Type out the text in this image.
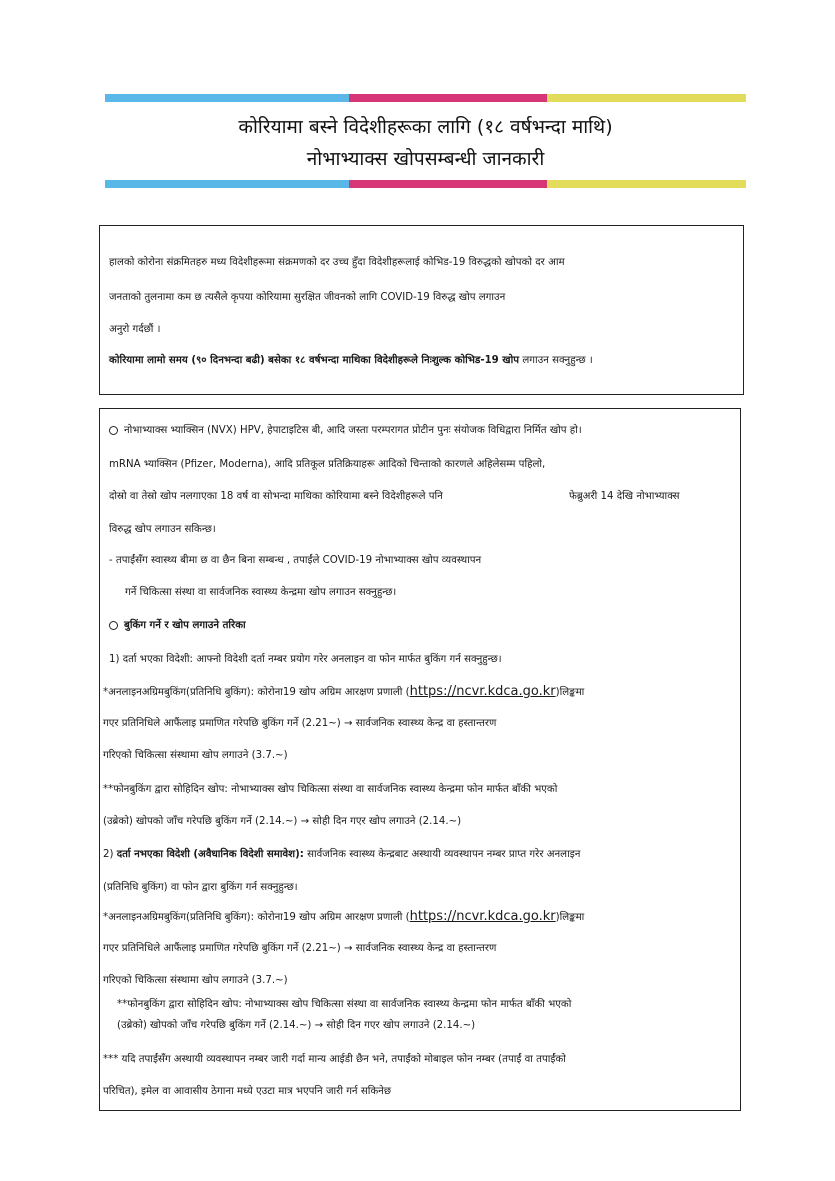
कोरियामा बस्ने विदेशीहरूका लागि (१८ वर्षभन्दा माथि)
नोभाभ्याक्स खोपसम्बन्धी जानकारी
हालको कोरोना संक्रमितहरु मध्य विदेशीहरूमा संक्रमणको दर उच्च हुँदा विदेशीहरूलाई कोभिड-19 विरुद्धको खोपको दर आम
जनताको तुलनामा कम छ त्यसैले कृपया कोरियामा सुरक्षित जीवनको लागि COVID-19 विरुद्ध खोप लगाउन
अनुरो गर्दछौं ।
कोरियामा लामो समय (९० दिनभन्दा बढी) बसेका १८ वर्षभन्दा माथिका विदेशीहरूले निःशुल्क कोभिड-19 खोप लगाउन सक्नुहुन्छ ।
नोभाभ्याक्स भ्याक्सिन (NVX) HPV, हेपाटाइटिस बी, आदि जस्ता परम्परागत प्रोटीन पुनः संयोजक विधिद्वारा निर्मित खोप हो।
mRNA भ्याक्सिन (Pfizer, Moderna), आदि प्रतिकूल प्रतिक्रियाहरू आदिको चिन्ताको कारणले अहिलेसम्म पहिलो,
दोस्रो वा तेस्रो खोप नलगाएका 18 वर्ष वा सोभन्दा माथिका कोरियामा बस्ने विदेशीहरूले पनि	फेब्रुअरी 14 देखि नोभाभ्याक्स
विरुद्ध खोप लगाउन सकिन्छ।
- तपाईंसँग स्वास्थ्य बीमा छ वा छैन बिना सम्बन्ध , तपाईंले COVID-19 नोभाभ्याक्स खोप व्यवस्थापन
गर्ने चिकित्सा संस्था वा सार्वजनिक स्वास्थ्य केन्द्रमा खोप लगाउन सक्नुहुन्छ।
बुकिंग गर्ने र खोप लगाउने तरिका
1) दर्ता भएका विदेशी: आफ्नो विदेशी दर्ता नम्बर प्रयोग गरेर अनलाइन वा फोन मार्फत बुकिंग गर्न सक्नुहुन्छ।
*अनलाइनअग्रिमबुकिंग(प्रतिनिधि बुकिंग): कोरोना19 खोप अग्रिम आरक्षण प्रणाली (https://ncvr.kdca.go.kr)लिङ्कमा
गएर प्रतिनिधिले आफैंलाइ प्रमाणित गरेपछि बुकिंग गर्ने (2.21~) → सार्वजनिक स्वास्थ्य केन्द्र वा हस्तान्तरण
गरिएको चिकित्सा संस्थामा खोप लगाउने (3.7.~)
**फोनबुकिंग द्वारा सोहिदिन खोप: नोभाभ्याक्स खोप चिकित्सा संस्था वा सार्वजनिक स्वास्थ्य केन्द्रमा फोन मार्फत बाँकी भएको
(उब्रेको) खोपको जाँच गरेपछि बुकिंग गर्ने (2.14.~) → सोही दिन गएर खोप लगाउने (2.14.~)
2) दर्ता नभएका विदेशी (अवैधानिक विदेशी समावेश): सार्वजनिक स्वास्थ्य केन्द्रबाट अस्थायी व्यवस्थापन नम्बर प्राप्त गरेर अनलाइन
(प्रतिनिधि बुकिंग) वा फोन द्वारा बुकिंग गर्न सक्नुहुन्छ।
*अनलाइनअग्रिमबुकिंग(प्रतिनिधि बुकिंग): कोरोना19 खोप अग्रिम आरक्षण प्रणाली (https://ncvr.kdca.go.kr)लिङ्कमा
गएर प्रतिनिधिले आफैंलाइ प्रमाणित गरेपछि बुकिंग गर्ने (2.21~) → सार्वजनिक स्वास्थ्य केन्द्र वा हस्तान्तरण
गरिएको चिकित्सा संस्थामा खोप लगाउने (3.7.~)
**फोनबुकिंग द्वारा सोहिदिन खोप: नोभाभ्याक्स खोप चिकित्सा संस्था वा सार्वजनिक स्वास्थ्य केन्द्रमा फोन मार्फत बाँकी भएको
(उब्रेको) खोपको जाँच गरेपछि बुकिंग गर्ने (2.14.~) → सोही दिन गएर खोप लगाउने (2.14.~)
*** यदि तपाईंसँग अस्थायी व्यवस्थापन नम्बर जारी गर्दा मान्य आईडी छैन भने, तपाईंको मोबाइल फोन नम्बर (तपाईं वा तपाईंको
परिचित), इमेल वा आवासीय ठेगाना मध्ये एउटा मात्र भएपनि जारी गर्न सकिनेछ
